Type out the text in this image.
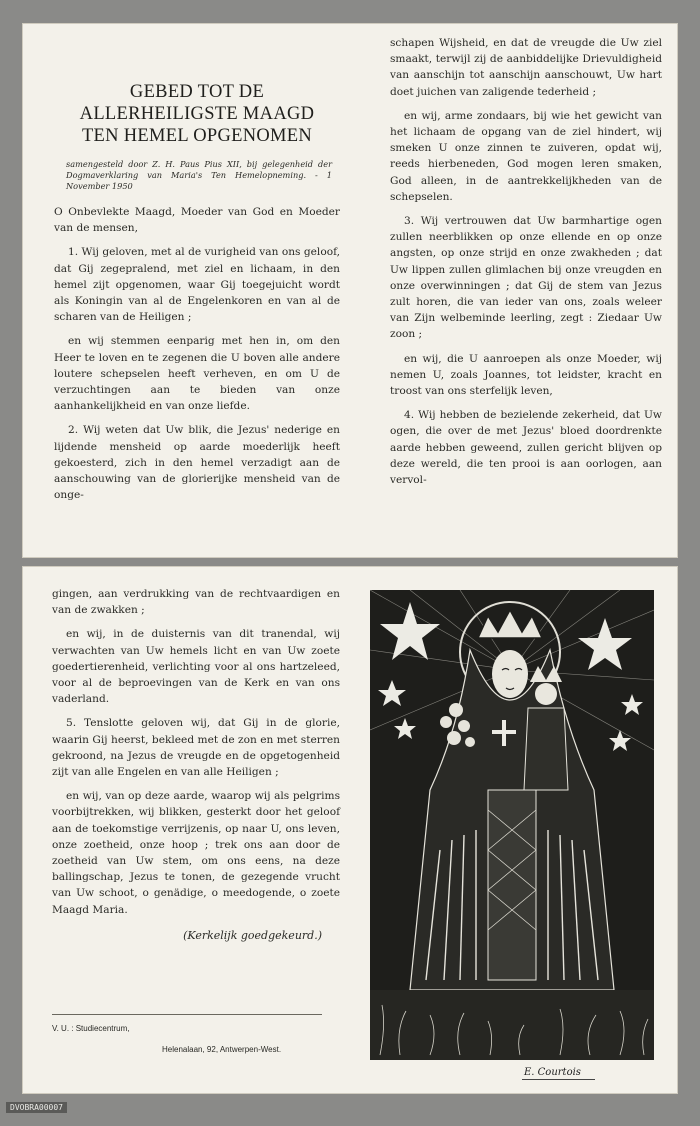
GEBED TOT DE
ALLERHEILIGSTE MAAGD
TEN HEMEL OPGENOMEN
samengesteld door Z. H. Paus Pius XII, bij gelegenheid der Dogmaverklaring van Maria's Ten Hemelopneming. - 1 November 1950

O Onbevlekte Maagd, Moeder van God en Moeder van de mensen,

1. Wij geloven, met al de vurigheid van ons geloof, dat Gij zegepralend, met ziel en lichaam, in den hemel zijt opgenomen, waar Gij toegejuicht wordt als Koningin van al de Engelenkoren en van al de scharen van de Heiligen ;

en wij stemmen eenparig met hen in, om den Heer te loven en te zegenen die U boven alle andere loutere schepselen heeft verheven, en om U de verzuchtingen aan te bieden van onze aanhankelijkheid en van onze liefde.

2. Wij weten dat Uw blik, die Jezus' nederige en lijdende mensheid op aarde moederlijk heeft gekoesterd, zich in den hemel verzadigt aan de aanschouwing van de glorierijke mensheid van de onge-

schapen Wijsheid, en dat de vreugde die Uw ziel smaakt, terwijl zij de aanbiddelijke Drievuldigheid van aanschijn tot aanschijn aanschouwt, Uw hart doet juichen van zaligende tederheid ;

en wij, arme zondaars, bij wie het gewicht van het lichaam de opgang van de ziel hindert, wij smeken U onze zinnen te zuiveren, opdat wij, reeds hierbeneden, God mogen leren smaken, God alleen, in de aantrekkelijkheden van de schepselen.

3. Wij vertrouwen dat Uw barmhartige ogen zullen neerblikken op onze ellende en op onze angsten, op onze strijd en onze zwakheden ; dat Uw lippen zullen glimlachen bij onze vreugden en onze overwinningen ; dat Gij de stem van Jezus zult horen, die van ieder van ons, zoals weleer van Zijn welbeminde leerling, zegt : Ziedaar Uw zoon ;

en wij, die U aanroepen als onze Moeder, wij nemen U, zoals Joannes, tot leidster, kracht en troost van ons sterfelijk leven,

4. Wij hebben de bezielende zekerheid, dat Uw ogen, die over de met Jezus' bloed doordrenkte aarde hebben geweend, zullen gericht blijven op deze wereld, die ten prooi is aan oorlogen, aan vervol-

gingen, aan verdrukking van de rechtvaardigen en van de zwakken ;

en wij, in de duisternis van dit tranendal, wij verwachten van Uw hemels licht en van Uw zoete goedertierenheid, verlichting voor al ons hartzeleed, voor al de beproevingen van de Kerk en van ons vaderland.

5. Tenslotte geloven wij, dat Gij in de glorie, waarin Gij heerst, bekleed met de zon en met sterren gekroond, na Jezus de vreugde en de opgetogenheid zijt van alle Engelen en van alle Heiligen ;

en wij, van op deze aarde, waarop wij als pelgrims voorbijtrekken, wij blikken, gesterkt door het geloof aan de toekomstige verrijzenis, op naar U, ons leven, onze zoetheid, onze hoop ; trek ons aan door de zoetheid van Uw stem, om ons eens, na deze ballingschap, Jezus te tonen, de gezegende vrucht van Uw schoot, o genädige, o meedogende, o zoete Maagd Maria.

(Kerkelijk goedgekeurd.)
V. U. : Studiecentrum,
Helenalaan, 92, Antwerpen-West.
E. Courtois
DVOBRA00007
